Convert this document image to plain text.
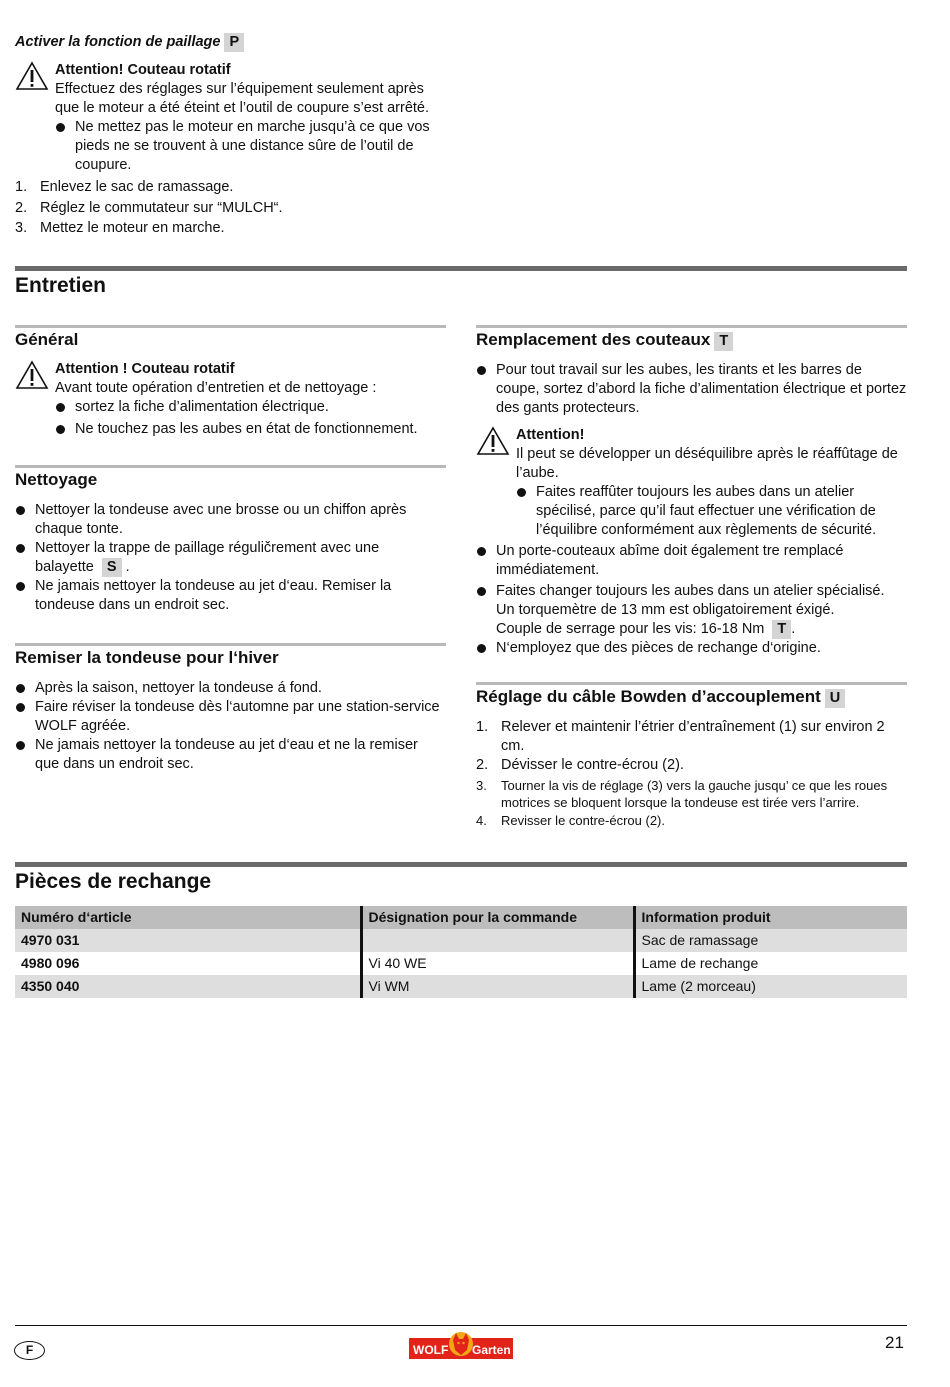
Activer la fonction de paillage P
Attention! Couteau rotatif
Effectuez des réglages sur l’équipement seulement après que le moteur a été éteint et l’outil de coupure s’est arrêté.
Ne mettez pas le moteur en marche jusqu’à ce que vos pieds ne se trouvent à une distance sûre de l’outil de coupure.
1. Enlevez le sac de ramassage.
2. Réglez le commutateur sur “MULCH“.
3. Mettez le moteur en marche.
Entretien
Général
Attention ! Couteau rotatif
Avant toute opération d’entretien et de nettoyage :
sortez la fiche d’alimentation électrique.
Ne touchez pas les aubes en état de fonctionnement.
Nettoyage
Nettoyer la tondeuse avec une brosse ou un chiffon après chaque tonte.
Nettoyer la trappe de paillage réguličrement avec une balayette S .
Ne jamais nettoyer la tondeuse au jet d‘eau. Remiser la tondeuse dans un endroit sec.
Remiser la tondeuse pour l‘hiver
Après la saison, nettoyer la tondeuse á fond.
Faire réviser la tondeuse dès l‘automne par une station-service WOLF agréée.
Ne jamais nettoyer la tondeuse au jet d‘eau et ne la remiser que dans un endroit sec.
Remplacement des couteaux T
Pour tout travail sur les aubes, les tirants et les barres de coupe, sortez d’abord la fiche d’alimentation électrique et portez des gants protecteurs.
Attention!
Il peut se développer un déséquilibre après le réaffûtage de l’aube.
Faites reaffûter toujours les aubes dans un atelier spécilisé, parce qu’il faut effectuer une vérification de l’équilibre conformément aux règlements de sécurité.
Un porte-couteaux abîme doit également tre remplacé immédiatement.
Faites changer toujours les aubes dans un atelier spécialisé. Un torquemètre de 13 mm est obligatoirement éxigé.
Couple de serrage pour les vis: 16-18 Nm T .
N‘employez que des pièces de rechange d‘origine.
Réglage du câble Bowden d’accouplement U
1. Relever et maintenir l’étrier d’entraînement (1) sur environ 2 cm.
2. Dévisser le contre-écrou (2).
3. Tourner la vis de réglage (3) vers la gauche jusqu’ ce que les roues motrices se bloquent lorsque la tondeuse est tirée vers l’arrire.
4. Revisser le contre-écrou (2).
Pièces de rechange
Numéro d‘article	Désignation pour la commande	Information produit
4970 031		Sac de ramassage
4980 096	Vi 40 WE	Lame de rechange
4350 040	Vi WM	Lame (2 morceau)
F	WOLF Garten	21
